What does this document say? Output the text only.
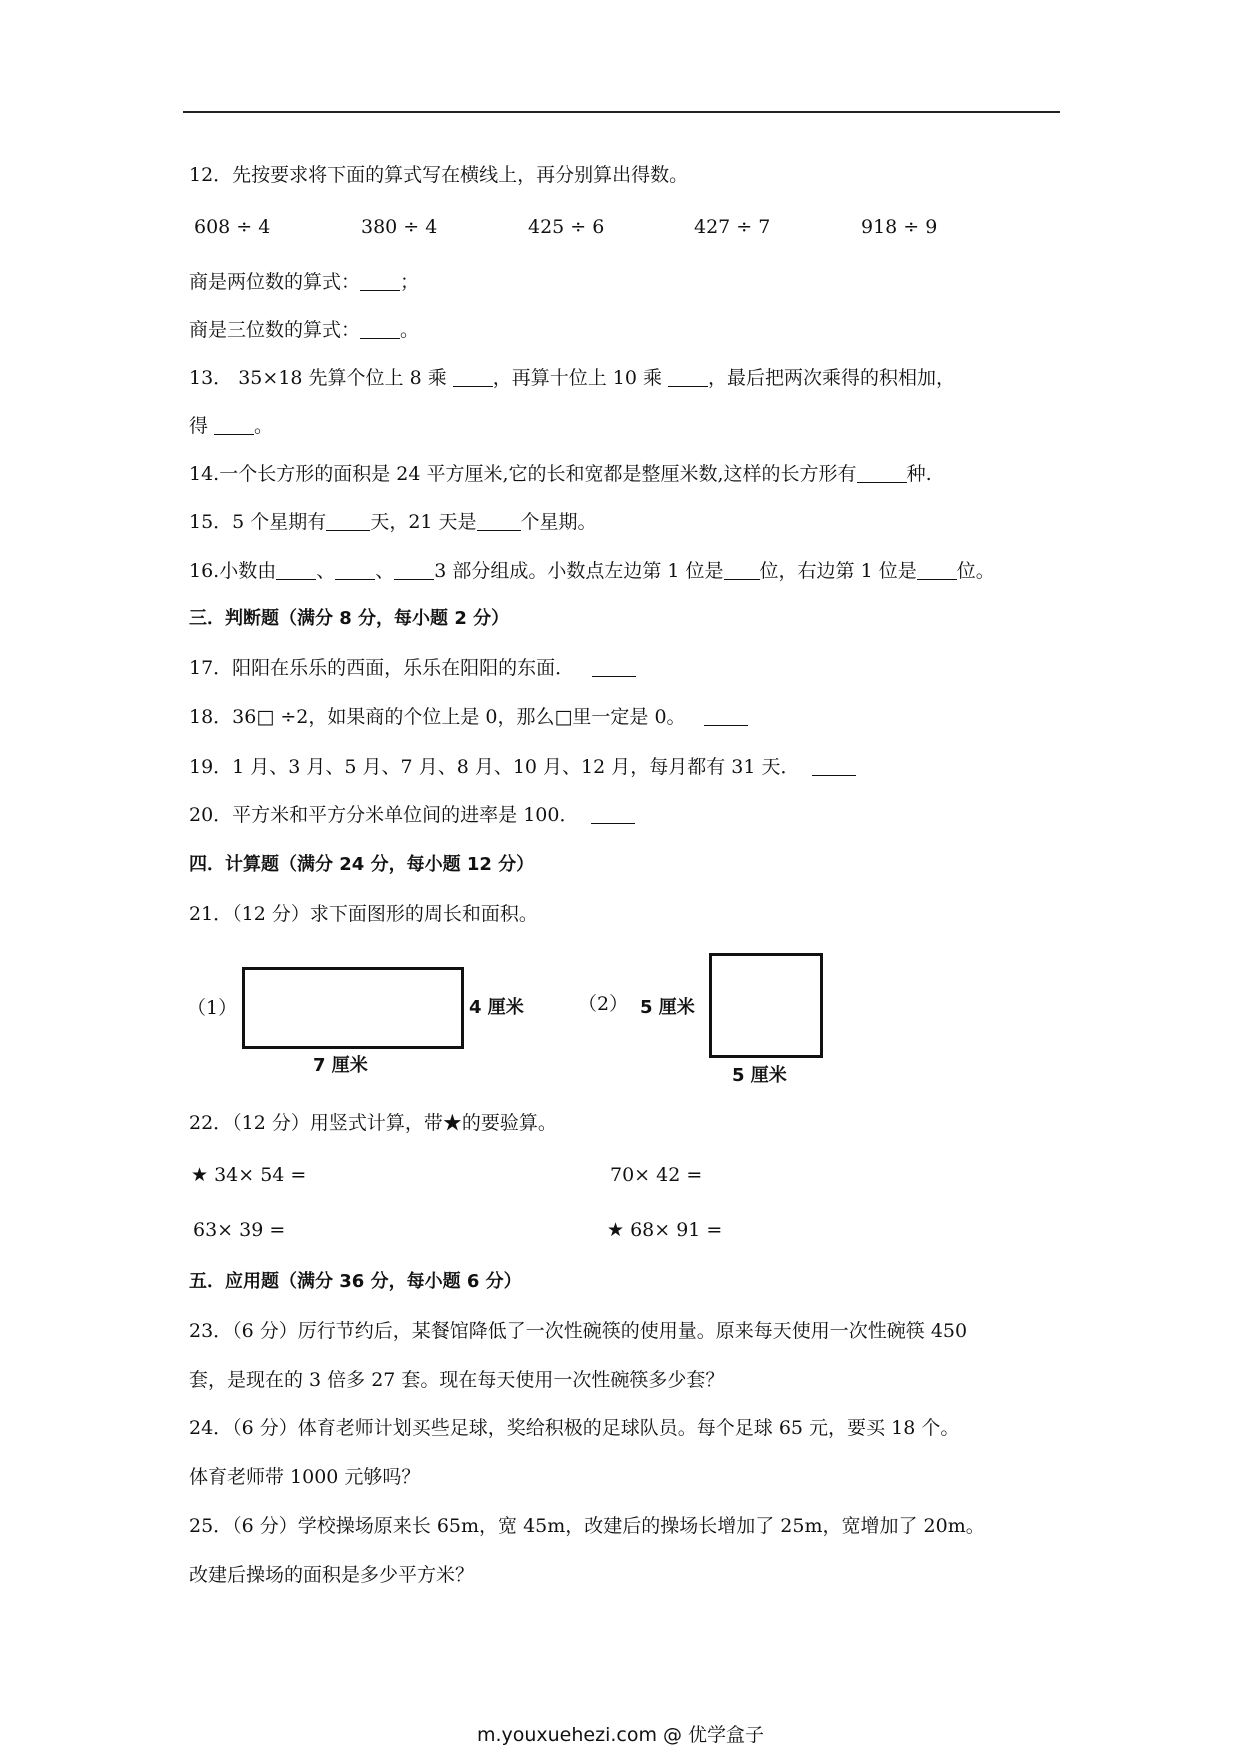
12．先按要求将下面的算式写在横线上，再分别算出得数。
608 ÷ 4	380 ÷ 4	425 ÷ 6	427 ÷ 7	918 ÷ 9
商是两位数的算式： ；
商是三位数的算式： 。
13． 35×18 先算个位上 8 乘 ，再算十位上 10 乘 ，最后把两次乘得的积相加，
得 。
14.一个长方形的面积是 24 平方厘米,它的长和宽都是整厘米数,这样的长方形有	种.
15．5 个星期有 天，21 天是 个星期。
16.小数由 、 、 3 部分组成。小数点左边第 1 位是 位，右边第 1 位是 位。
三．判断题（满分 8 分，每小题 2 分）
17．阳阳在乐乐的西面，乐乐在阳阳的东面．
18．36□ ÷2，如果商的个位上是 0，那么□里一定是 0。
19．1 月、3 月、5 月、7 月、8 月、10 月、12 月，每月都有 31 天．
20．平方米和平方分米单位间的进率是 100．
四．计算题（满分 24 分，每小题 12 分）
21．（12 分）求下面图形的周长和面积。
（1）	4 厘米
7 厘米
（2） 5 厘米
5 厘米
22．（12 分）用竖式计算，带★的要验算。
★ 34× 54 =	70× 42 =
63× 39 =	★ 68× 91 =
五．应用题（满分 36 分，每小题 6 分）
23．（6 分）厉行节约后，某餐馆降低了一次性碗筷的使用量。原来每天使用一次性碗筷 450
套，是现在的 3 倍多 27 套。现在每天使用一次性碗筷多少套？
24．（6 分）体育老师计划买些足球，奖给积极的足球队员。每个足球 65 元，要买 18 个。
体育老师带 1000 元够吗？
25．（6 分）学校操场原来长 65m，宽 45m，改建后的操场长增加了 25m，宽增加了 20m。
改建后操场的面积是多少平方米？
m.youxuehezi.com @ 优学盒子
